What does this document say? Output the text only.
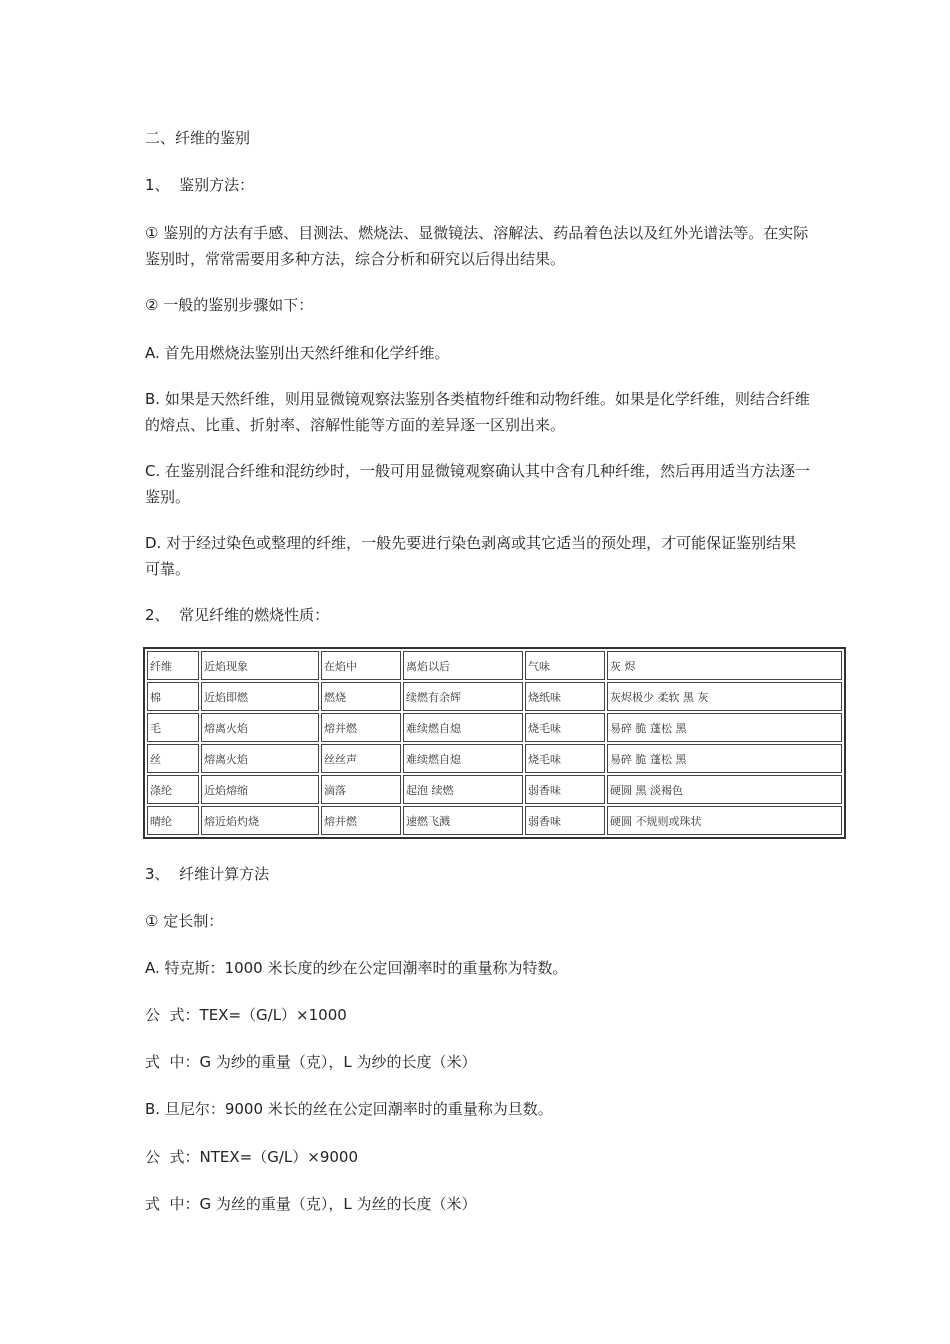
二、纤维的鉴别

1、  鉴别方法：

① 鉴别的方法有手感、目测法、燃烧法、显微镜法、溶解法、药品着色法以及红外光谱法等。在实际鉴别时，常常需要用多种方法，综合分析和研究以后得出结果。

② 一般的鉴别步骤如下：

A. 首先用燃烧法鉴别出天然纤维和化学纤维。

B. 如果是天然纤维，则用显微镜观察法鉴别各类植物纤维和动物纤维。如果是化学纤维，则结合纤维的熔点、比重、折射率、溶解性能等方面的差异逐一区别出来。

C. 在鉴别混合纤维和混纺纱时，一般可用显微镜观察确认其中含有几种纤维，然后再用适当方法逐一鉴别。

D. 对于经过染色或整理的纤维，一般先要进行染色剥离或其它适当的预处理，才可能保证鉴别结果可靠。

2、  常见纤维的燃烧性质：

纤维	近焰现象	在焰中	离焰以后	气味	灰 烬
棉	近焰即燃	燃烧	续燃有余辉	烧纸味	灰烬极少 柔软 黑 灰
毛	熔离火焰	熔并燃	难续燃自熄	烧毛味	易碎 脆 蓬松 黑
丝	熔离火焰	丝丝声	难续燃自熄	烧毛味	易碎 脆 蓬松 黑
涤纶	近焰熔缩	滴落	起泡 续燃	弱香味	硬圆 黑 淡褐色
晴纶	熔近焰灼烧	熔并燃	速燃飞溅	弱香味	硬圆 不规则或珠状

3、  纤维计算方法

① 定长制：

A. 特克斯：1000 米长度的纱在公定回潮率时的重量称为特数。

公  式：TEX=（G/L）×1000

式  中：G 为纱的重量（克），L 为纱的长度（米）

B. 旦尼尔：9000 米长的丝在公定回潮率时的重量称为旦数。

公  式：NTEX=（G/L）×9000

式  中：G 为丝的重量（克），L 为丝的长度（米）
